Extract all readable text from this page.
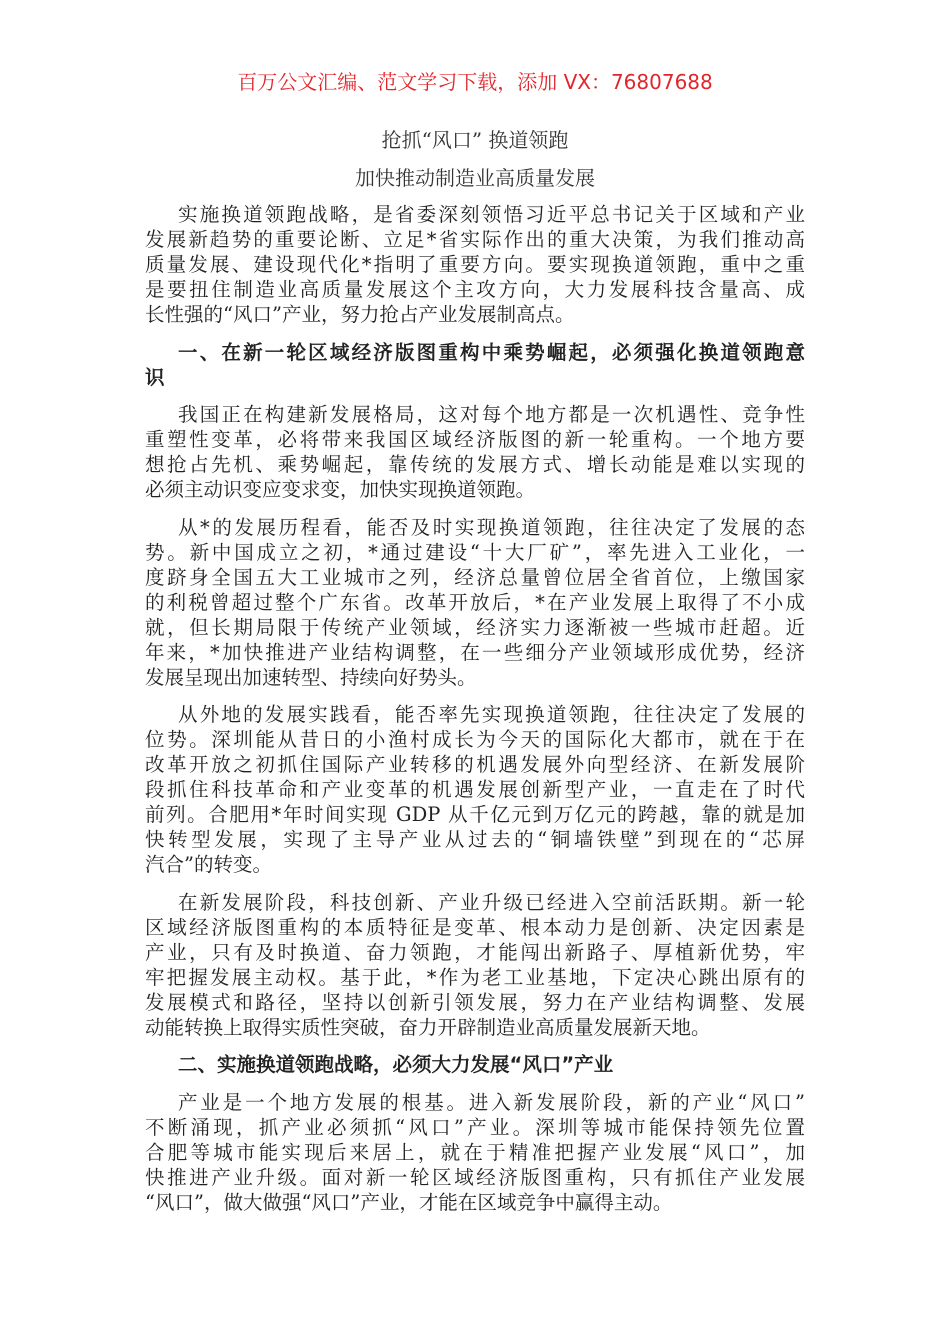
百万公文汇编、范文学习下载，添加 VX：76807688
抢抓“风口” 换道领跑
加快推动制造业高质量发展
实施换道领跑战略，是省委深刻领悟习近平总书记关于区域和产业
发展新趋势的重要论断、立足*省实际作出的重大决策，为我们推动高
质量发展、建设现代化*指明了重要方向。要实现换道领跑，重中之重
是要扭住制造业高质量发展这个主攻方向，大力发展科技含量高、成
长性强的“风口”产业，努力抢占产业发展制高点。
一、在新一轮区域经济版图重构中乘势崛起，必须强化换道领跑意
识
我国正在构建新发展格局，这对每个地方都是一次机遇性、竞争性
重塑性变革，必将带来我国区域经济版图的新一轮重构。一个地方要
想抢占先机、乘势崛起，靠传统的发展方式、增长动能是难以实现的
必须主动识变应变求变，加快实现换道领跑。
从*的发展历程看，能否及时实现换道领跑，往往决定了发展的态
势。新中国成立之初，*通过建设“十大厂矿”，率先进入工业化，一
度跻身全国五大工业城市之列，经济总量曾位居全省首位，上缴国家
的利税曾超过整个广东省。改革开放后，*在产业发展上取得了不小成
就，但长期局限于传统产业领域，经济实力逐渐被一些城市赶超。近
年来，*加快推进产业结构调整，在一些细分产业领域形成优势，经济
发展呈现出加速转型、持续向好势头。
从外地的发展实践看，能否率先实现换道领跑，往往决定了发展的
位势。深圳能从昔日的小渔村成长为今天的国际化大都市，就在于在
改革开放之初抓住国际产业转移的机遇发展外向型经济、在新发展阶
段抓住科技革命和产业变革的机遇发展创新型产业，一直走在了时代
前列。合肥用*年时间实现 GDP 从千亿元到万亿元的跨越，靠的就是加
快转型发展，实现了主导产业从过去的“铜墙铁壁”到现在的“芯屏
汽合”的转变。
在新发展阶段，科技创新、产业升级已经进入空前活跃期。新一轮
区域经济版图重构的本质特征是变革、根本动力是创新、决定因素是
产业，只有及时换道、奋力领跑，才能闯出新路子、厚植新优势，牢
牢把握发展主动权。基于此，*作为老工业基地，下定决心跳出原有的
发展模式和路径，坚持以创新引领发展，努力在产业结构调整、发展
动能转换上取得实质性突破，奋力开辟制造业高质量发展新天地。
二、实施换道领跑战略，必须大力发展“风口”产业
产业是一个地方发展的根基。进入新发展阶段，新的产业“风口”
不断涌现，抓产业必须抓“风口”产业。深圳等城市能保持领先位置
合肥等城市能实现后来居上，就在于精准把握产业发展“风口”，加
快推进产业升级。面对新一轮区域经济版图重构，只有抓住产业发展
“风口”，做大做强“风口”产业，才能在区域竞争中赢得主动。
